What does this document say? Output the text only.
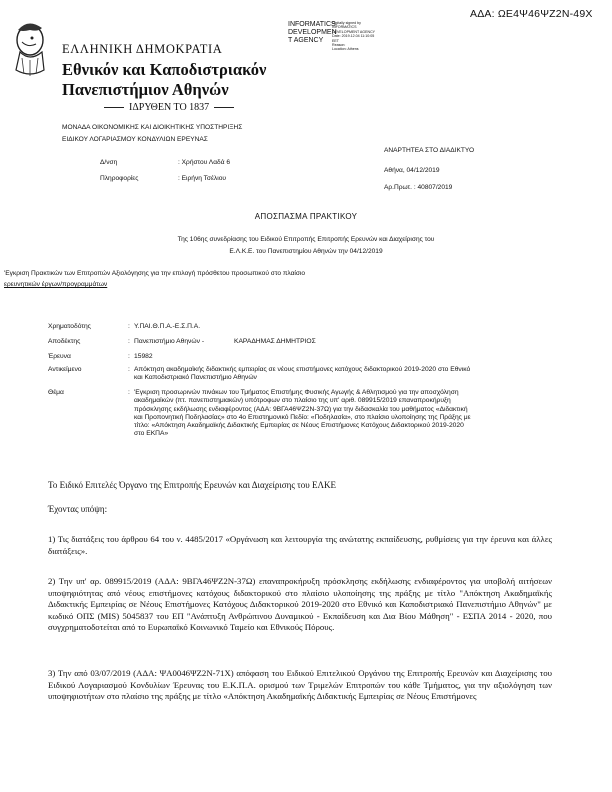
ΑΔΑ: ΩΕ4Ψ46ΨΖ2Ν-49Χ
INFORMATICS
DEVELOPMEN
T AGENCY
Digitally signed by
INFORMATICS
DEVELOPMENT AGENCY
Date: 2019.12.04 11:10:05
EET
Reason:
Location: Athens
ΕΛΛΗΝΙΚΗ ΔΗΜΟΚΡΑΤΙΑ
Εθνικόν και Καποδιστριακόν
Πανεπιστήμιον Αθηνών
ΙΔΡΥΘΕΝ ΤΟ 1837
ΜΟΝΑΔΑ ΟΙΚΟΝΟΜΙΚΗΣ ΚΑΙ ΔΙΟΙΚΗΤΙΚΗΣ ΥΠΟΣΤΗΡΙΞΗΣ
ΕΙΔΙΚΟΥ ΛΟΓΑΡΙΑΣΜΟΥ ΚΟΝΔΥΛΙΩΝ ΕΡΕΥΝΑΣ
Δ/νση	: Χρήστου Λαδά 6
Πληροφορίες	: Ειρήνη Τσέλιου
ΑΝΑΡΤΗΤΕΑ ΣΤΟ ΔΙΑΔΙΚΤΥΟ
Αθήνα, 04/12/2019
Αρ.Πρωτ. : 40807/2019
ΑΠΟΣΠΑΣΜΑ ΠΡΑΚΤΙΚΟΥ
Της 106ης συνεδρίασης του Ειδικού Επιτροπής Επιτροπής Ερευνών και Διαχείρισης του
Ε.Λ.Κ.Ε. του Πανεπιστημίου Αθηνών την 04/12/2019
'Εγκριση Πρακτικών των Επιτροπών Αξιολόγησης για την επιλογή πρόσθετου προσωπικού στο πλαίσιο
ερευνητικών έργων/προγραμμάτων
Χρηματοδότης	: Υ.ΠΑΙ.Θ.Π.Α.-Ε.Σ.Π.Α.
Αποδέκτης	: Πανεπιστήμιο Αθηνών -	ΚΑΡΑΔΗΜΑΣ ΔΗΜΗΤΡΙΟΣ
Έρευνα	: 15982
Αντικείμενο	: Απόκτηση ακαδημαϊκής διδακτικής εμπειρίας σε νέους επιστήμονες κατόχους διδακτορικού 2019-2020 στο Εθνικό και Καποδιστριακό Πανεπιστήμιο Αθηνών
Θέμα	: 'Εγκριση προσωρινών πινάκων του Τμήματος Επιστήμης Φυσικής Αγωγής & Αθλητισμού για την αποσχόληση ακαδημαϊκών (πτ. πανεπιστημιακών) υπότροφων στο πλαίσιο της υπ' αριθ. 089915/2019 επαναπροκήρυξη πρόσκλησης εκδήλωσης ενδιαφέροντος (ΑΔΑ: 9ΒΓΑ46ΨΖ2Ν-37Ω) για την διδασκαλία του μαθήματος «Διδακτική και Προπονητική Ποδηλασίας» στο 4ο Επιστημονικό Πεδίο: «Ποδηλασία», στο πλαίσιο υλοποίησης της Πράξης με τίτλο: «Απόκτηση Ακαδημαϊκής Διδακτικής Εμπειρίας σε Νέους Επιστήμονες Κατόχους Διδακτορικού 2019-2020 στο ΕΚΠΑ»
Το Ειδικό Επιτελές Όργανο της Επιτροπής Ερευνών και Διαχείρισης του ΕΛΚΕ
Έχοντας υπόψη:
1) Τις διατάξεις του άρθρου 64 του ν. 4485/2017 «Οργάνωση και λειτουργία της ανώτατης εκπαίδευσης, ρυθμίσεις για την έρευνα και άλλες διατάξεις».
2) Την υπ' αρ. 089915/2019 (ΑΔΑ: 9ΒΓΑ46ΨΖ2Ν-37Ω) επαναπροκήρυξη πρόσκλησης εκδήλωσης ενδιαφέροντος για υποβολή αιτήσεων υποψηφιότητας από νέους επιστήμονες κατόχους διδακτορικού στο πλαίσιο υλοποίησης της πράξης με τίτλο "Απόκτηση Ακαδημαϊκής Διδακτικής Εμπειρίας σε Νέους Επιστήμονες Κατόχους Διδακτορικού 2019-2020 στο Εθνικό και Καποδιστριακό Πανεπιστήμιο Αθηνών" με κωδικό ΟΠΣ (MIS) 5045837 του ΕΠ "Ανάπτυξη Ανθρώπινου Δυναμικού - Εκπαίδευση και Δια Βίου Μάθηση" - ΕΣΠΑ 2014 - 2020, που συγχρηματοδοτείται από το Ευρωπαϊκό Κοινωνικό Ταμείο και Εθνικούς Πόρους.
3) Την από 03/07/2019 (ΑΔΑ: ΨΑ0046ΨΖ2Ν-71Χ) απόφαση του Ειδικού Επιτελικού Οργάνου της Επιτροπής Ερευνών και Διαχείρισης του Ειδικού Λογαριασμού Κονδυλίων Έρευνας του Ε.Κ.Π.Α. ορισμού των Τριμελών Επιτροπών του κάθε Τμήματος, για την αξιολόγηση των υποψηφιοτήτων στο πλαίσιο της πράξης με τίτλο «Απόκτηση Ακαδημαϊκής Διδακτικής Εμπειρίας σε Νέους Επιστήμονες
